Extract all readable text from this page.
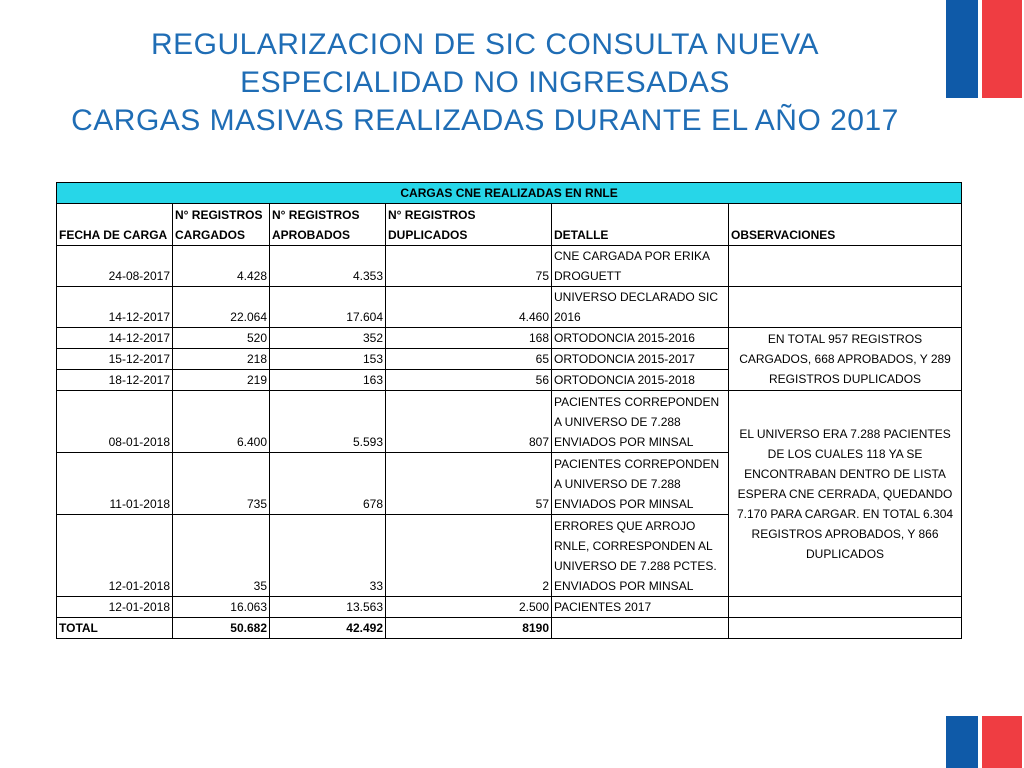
REGULARIZACION DE SIC CONSULTA NUEVA
ESPECIALIDAD NO INGRESADAS
CARGAS MASIVAS REALIZADAS DURANTE EL AÑO 2017
CARGAS CNE REALIZADAS EN RNLE					
FECHA DE CARGA	N° REGISTROS CARGADOS	N° REGISTROS APROBADOS	N° REGISTROS DUPLICADOS	DETALLE	OBSERVACIONES
24-08-2017	4.428	4.353	75	CNE CARGADA POR ERIKA DROGUETT	
14-12-2017	22.064	17.604	4.460	UNIVERSO DECLARADO SIC 2016	
14-12-2017	520	352	168	ORTODONCIA 2015-2016	EN TOTAL 957 REGISTROS CARGADOS, 668 APROBADOS, Y 289 REGISTROS DUPLICADOS
15-12-2017	218	153	65	ORTODONCIA 2015-2017	
18-12-2017	219	163	56	ORTODONCIA 2015-2018	
08-01-2018	6.400	5.593	807	PACIENTES CORREPONDEN A UNIVERSO DE 7.288 ENVIADOS POR MINSAL	EL UNIVERSO ERA 7.288 PACIENTES DE LOS CUALES 118 YA SE ENCONTRABAN DENTRO DE LISTA ESPERA CNE CERRADA, QUEDANDO 7.170 PARA CARGAR. EN TOTAL 6.304 REGISTROS APROBADOS, Y 866 DUPLICADOS
11-01-2018	735	678	57	PACIENTES CORREPONDEN A UNIVERSO DE 7.288 ENVIADOS POR MINSAL	
12-01-2018	35	33	2	ERRORES QUE ARROJO RNLE, CORRESPONDEN AL UNIVERSO DE 7.288 PCTES. ENVIADOS POR MINSAL	
12-01-2018	16.063	13.563	2.500	PACIENTES 2017	
TOTAL	50.682	42.492	8190		
